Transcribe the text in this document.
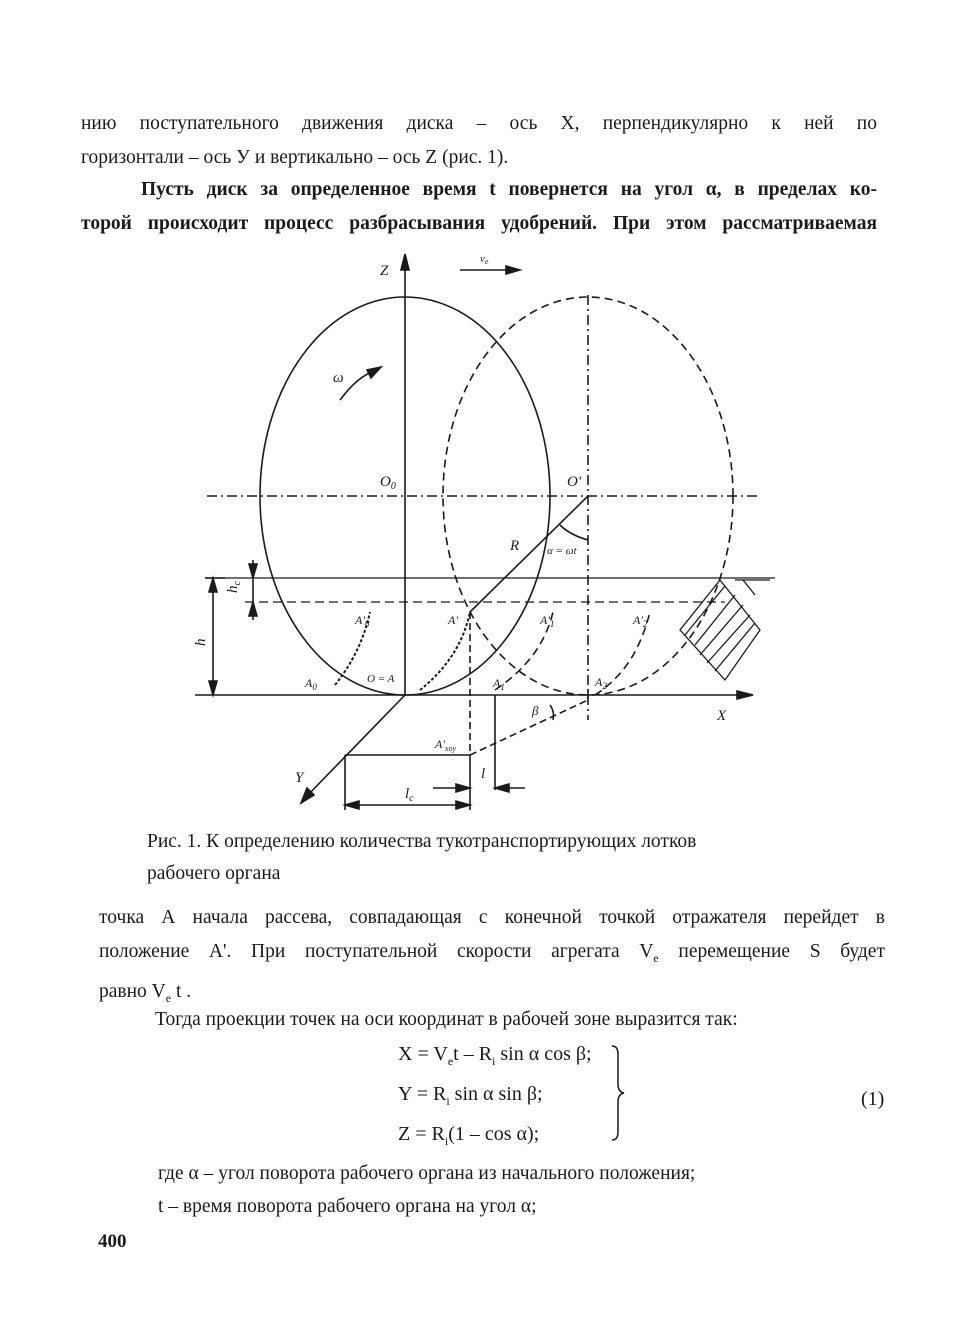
нию поступательного движения диска – ось X, перпендикулярно к ней по
горизонтали – ось У и вертикально – ось Z (рис. 1).

Пусть диск за определенное время t повернется на угол α, в пределах ко-

торой происходит процесс разбрасывания удобрений. При этом рассматриваемая

Z
X
Y
ve
ω
$O_0$	O'
R	α = ωt
$h_c$
h
$A'_0$	A'	$A'_1$	$A'_2$
$A_0$
O = A	$A_1$	$A_2$
β
$A'_{xoy}$
$l_c$
l
Рис. 1. К определению количества тукотранспортирующих лотков
рабочего органа

точка А начала рассева, совпадающая с конечной точкой отражателя перейдет в
положение А'. При поступательной скорости агрегата $V_e$ перемещение S будет
равно $V_e$ t .

Тогда проекции точек на оси координат в рабочей зоне выразится так:

$X = V_et - R_i$ sin α cos β;
$Y = R_i$ sin α sin β;
$Z = R_i(1 - \cos \alpha)$;
(1)

где α – угол поворота рабочего органа из начального положения;

t – время поворота рабочего органа на угол α;

400
